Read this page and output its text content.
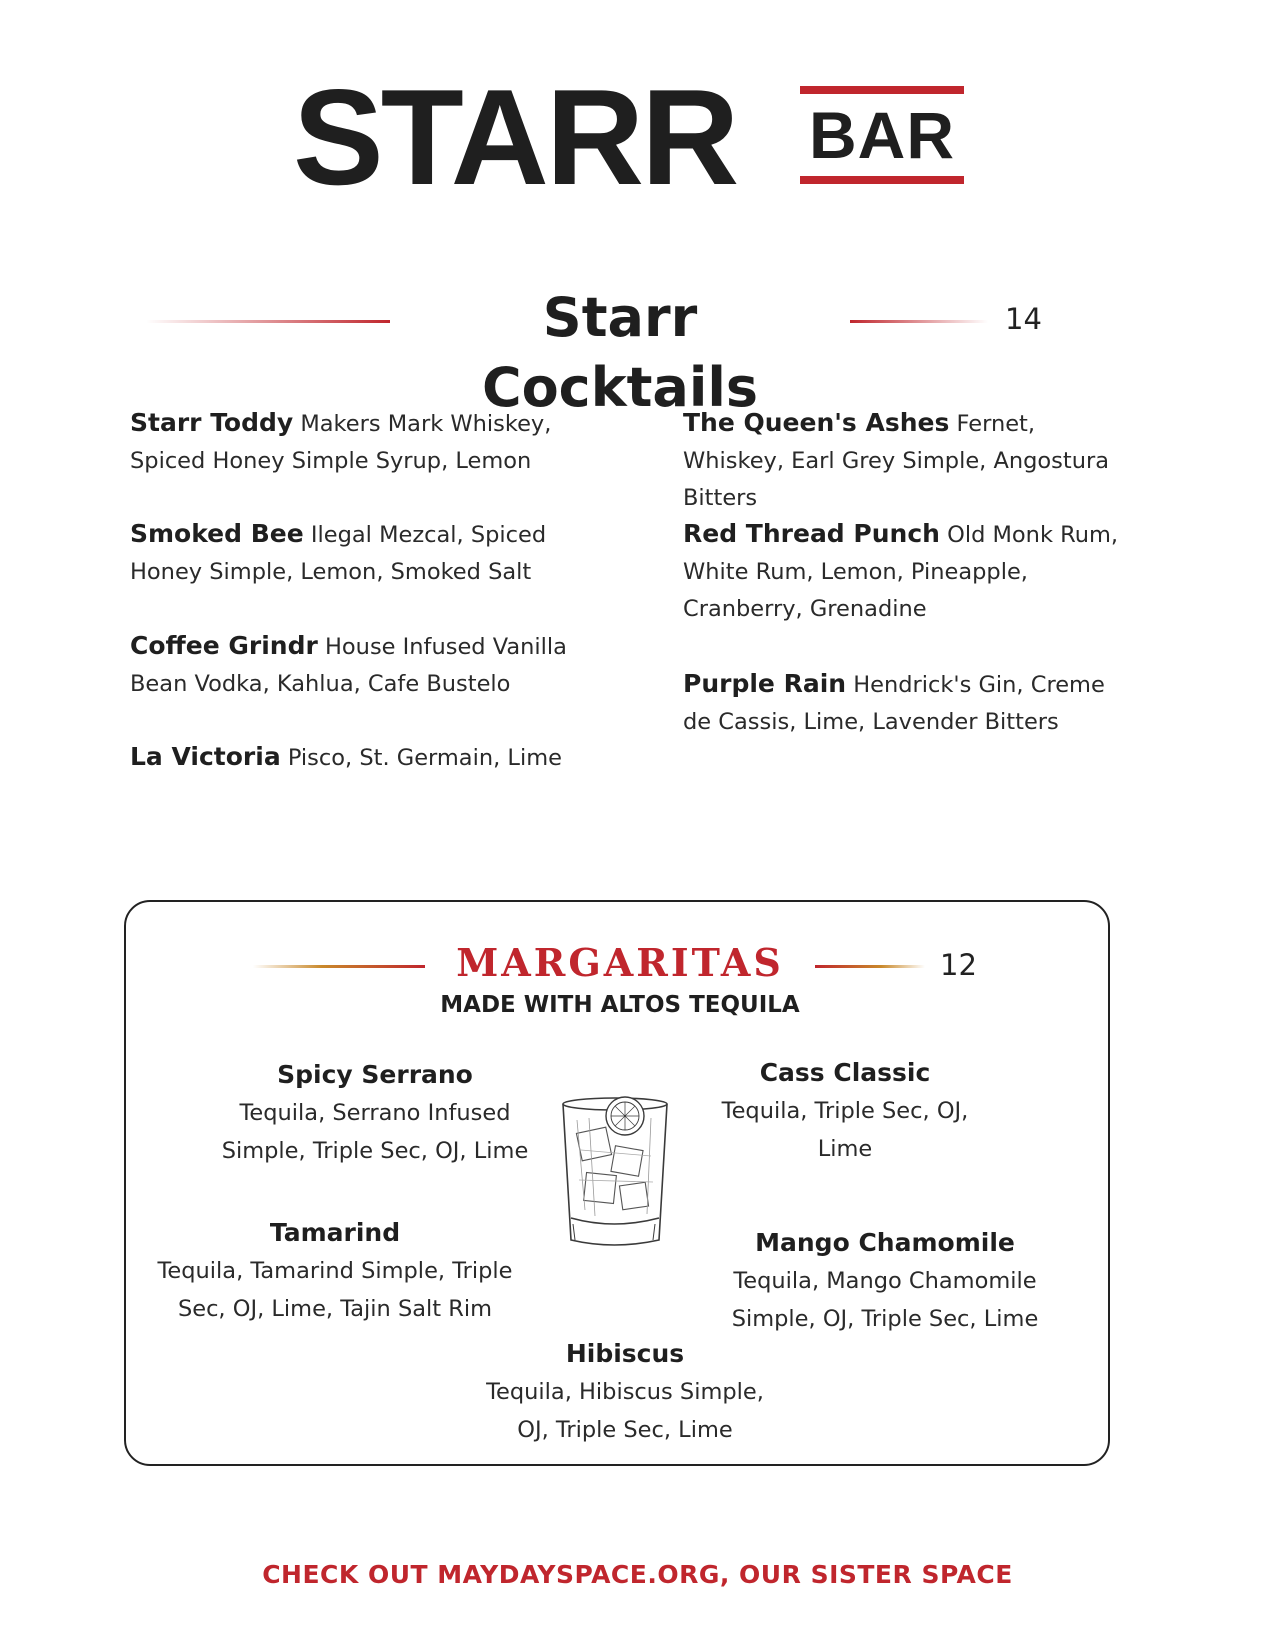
STARR BAR
Starr Cocktails
14
Starr Toddy Makers Mark Whiskey, Spiced Honey Simple Syrup, Lemon
Smoked Bee Ilegal Mezcal, Spiced Honey Simple, Lemon, Smoked Salt
Coffee Grindr House Infused Vanilla Bean Vodka, Kahlua, Cafe Bustelo
La Victoria Pisco, St. Germain, Lime
The Queen's Ashes Fernet, Whiskey, Earl Grey Simple, Angostura Bitters
Red Thread Punch Old Monk Rum, White Rum, Lemon, Pineapple, Cranberry, Grenadine
Purple Rain Hendrick's Gin, Creme de Cassis, Lime, Lavender Bitters
MARGARITAS	12
MADE WITH ALTOS TEQUILA
Spicy Serrano
Tequila, Serrano Infused
Simple, Triple Sec, OJ, Lime
Cass Classic
Tequila, Triple Sec, OJ,
Lime
Tamarind
Tequila, Tamarind Simple, Triple
Sec, OJ, Lime, Tajin Salt Rim
Mango Chamomile
Tequila, Mango Chamomile
Simple, OJ, Triple Sec, Lime
Hibiscus
Tequila, Hibiscus Simple,
OJ, Triple Sec, Lime
CHECK OUT MAYDAYSPACE.ORG, OUR SISTER SPACE
